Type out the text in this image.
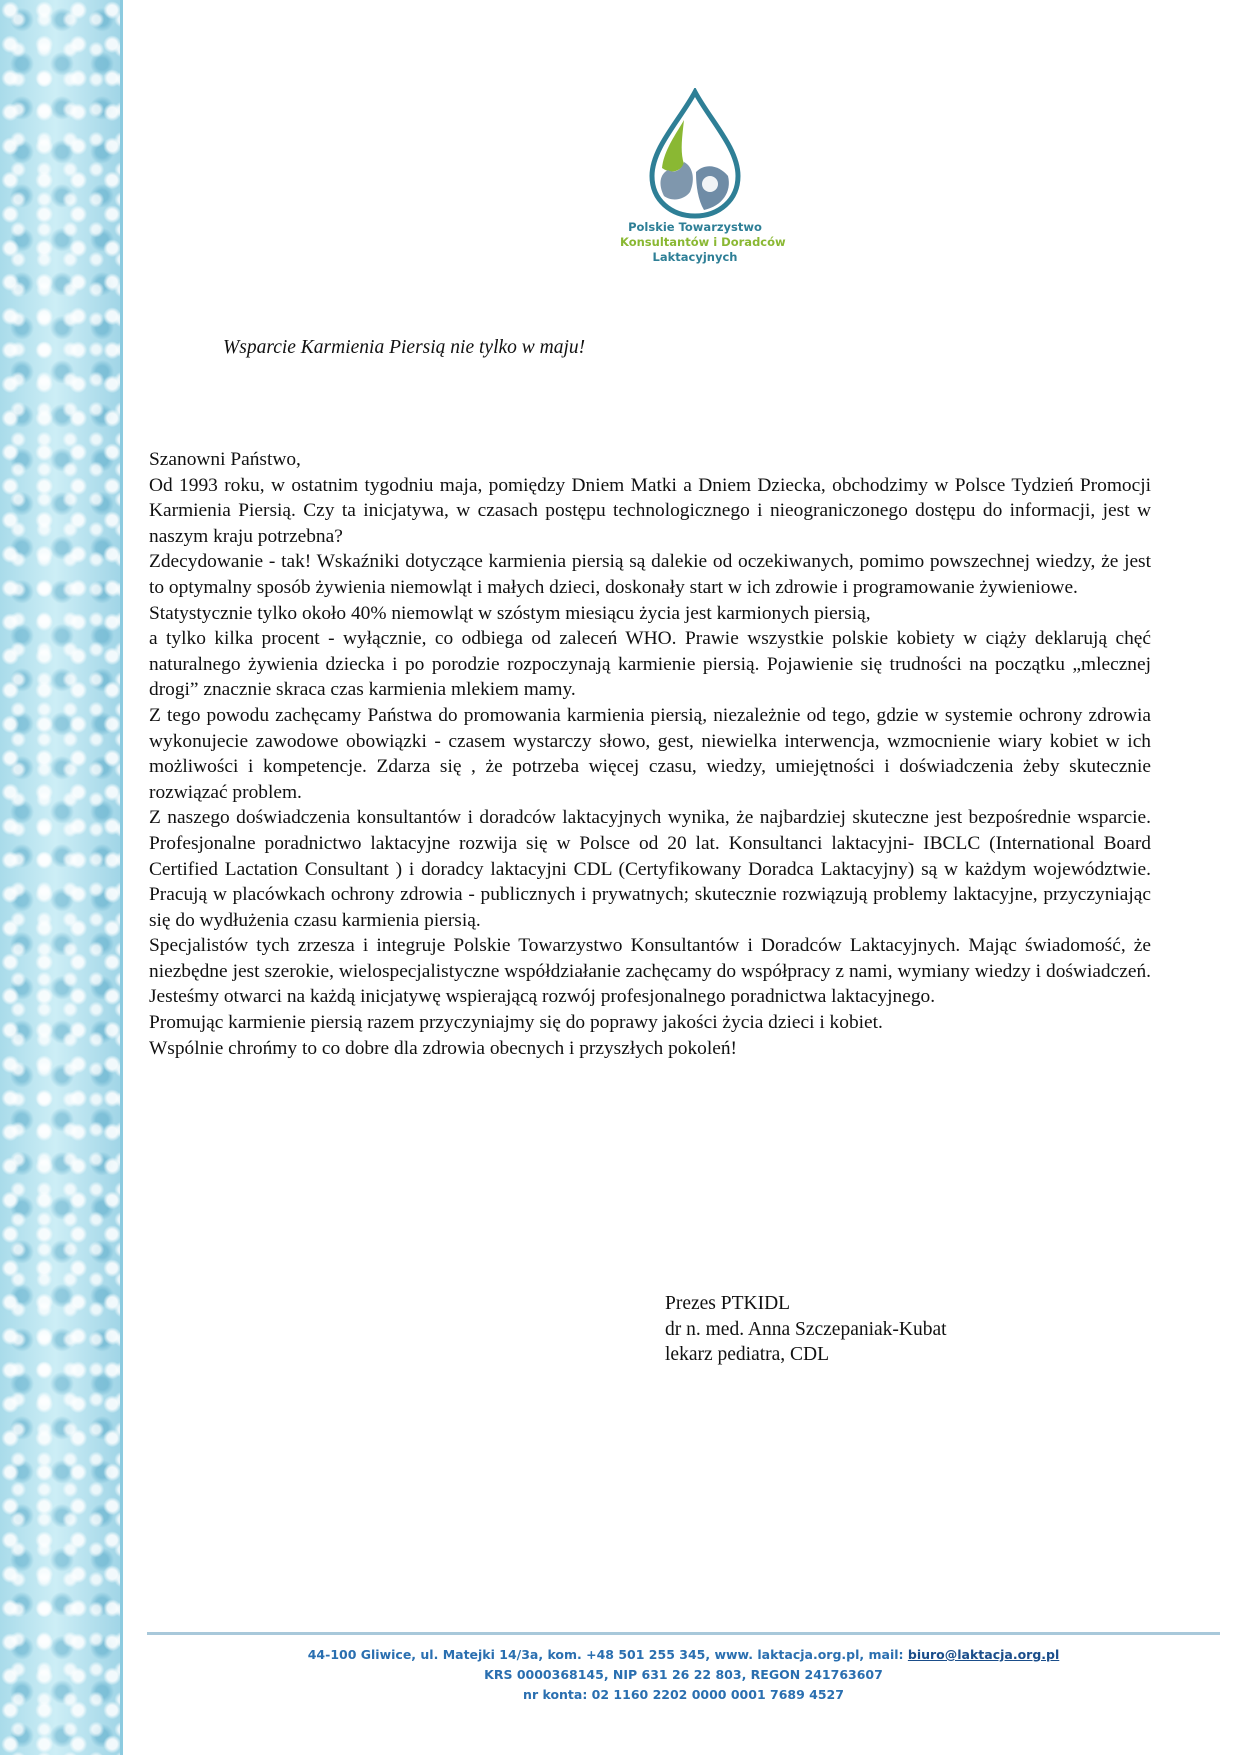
Polskie Towarzystwo
Konsultantów i Doradców
Laktacyjnych
Wsparcie Karmienia Piersią nie tylko w maju!

Szanowni Państwo,

Od 1993 roku, w ostatnim tygodniu maja, pomiędzy Dniem Matki a Dniem Dziecka, obchodzimy w Polsce Tydzień Promocji Karmienia Piersią. Czy ta inicjatywa, w czasach postępu technologicznego i nieograniczonego dostępu do informacji, jest w naszym kraju potrzebna?

Zdecydowanie - tak! Wskaźniki dotyczące karmienia piersią są dalekie od oczekiwanych, pomimo powszechnej wiedzy, że jest to optymalny sposób żywienia niemowląt i małych dzieci, doskonały start w ich zdrowie i programowanie żywieniowe.

Statystycznie tylko około 40% niemowląt w szóstym miesiącu życia jest karmionych piersią,

a tylko kilka procent - wyłącznie, co odbiega od zaleceń WHO. Prawie wszystkie polskie kobiety w ciąży deklarują chęć naturalnego żywienia dziecka i po porodzie rozpoczynają karmienie piersią. Pojawienie się trudności na początku „mlecznej drogi” znacznie skraca czas karmienia mlekiem mamy.

Z tego powodu zachęcamy Państwa do promowania karmienia piersią, niezależnie od tego, gdzie w systemie ochrony zdrowia wykonujecie zawodowe obowiązki - czasem wystarczy słowo, gest, niewielka interwencja, wzmocnienie wiary kobiet w ich możliwości i kompetencje. Zdarza się , że potrzeba więcej czasu, wiedzy, umiejętności i doświadczenia żeby skutecznie rozwiązać problem.

Z naszego doświadczenia konsultantów i doradców laktacyjnych wynika, że najbardziej skuteczne jest bezpośrednie wsparcie. Profesjonalne poradnictwo laktacyjne rozwija się w Polsce od 20 lat. Konsultanci laktacyjni- IBCLC (International Board Certified Lactation Consultant ) i doradcy laktacyjni CDL (Certyfikowany Doradca Laktacyjny) są w każdym województwie. Pracują w placówkach ochrony zdrowia - publicznych i prywatnych; skutecznie rozwiązują problemy laktacyjne, przyczyniając się do wydłużenia czasu karmienia piersią.

Specjalistów tych zrzesza i integruje Polskie Towarzystwo Konsultantów i Doradców Laktacyjnych. Mając świadomość, że niezbędne jest szerokie, wielospecjalistyczne współdziałanie zachęcamy do współpracy z nami, wymiany wiedzy i doświadczeń. Jesteśmy otwarci na każdą inicjatywę wspierającą rozwój profesjonalnego poradnictwa laktacyjnego.

Promując karmienie piersią razem przyczyniajmy się do poprawy jakości życia dzieci i kobiet.

Wspólnie chrońmy to co dobre dla zdrowia obecnych i przyszłych pokoleń!

Prezes PTKIDL
dr n. med. Anna Szczepaniak-Kubat
lekarz pediatra, CDL
44-100 Gliwice, ul. Matejki 14/3a, kom. +48 501 255 345, www. laktacja.org.pl, mail: biuro@laktacja.org.pl
KRS 0000368145, NIP 631 26 22 803, REGON 241763607
nr konta: 02 1160 2202 0000 0001 7689 4527
